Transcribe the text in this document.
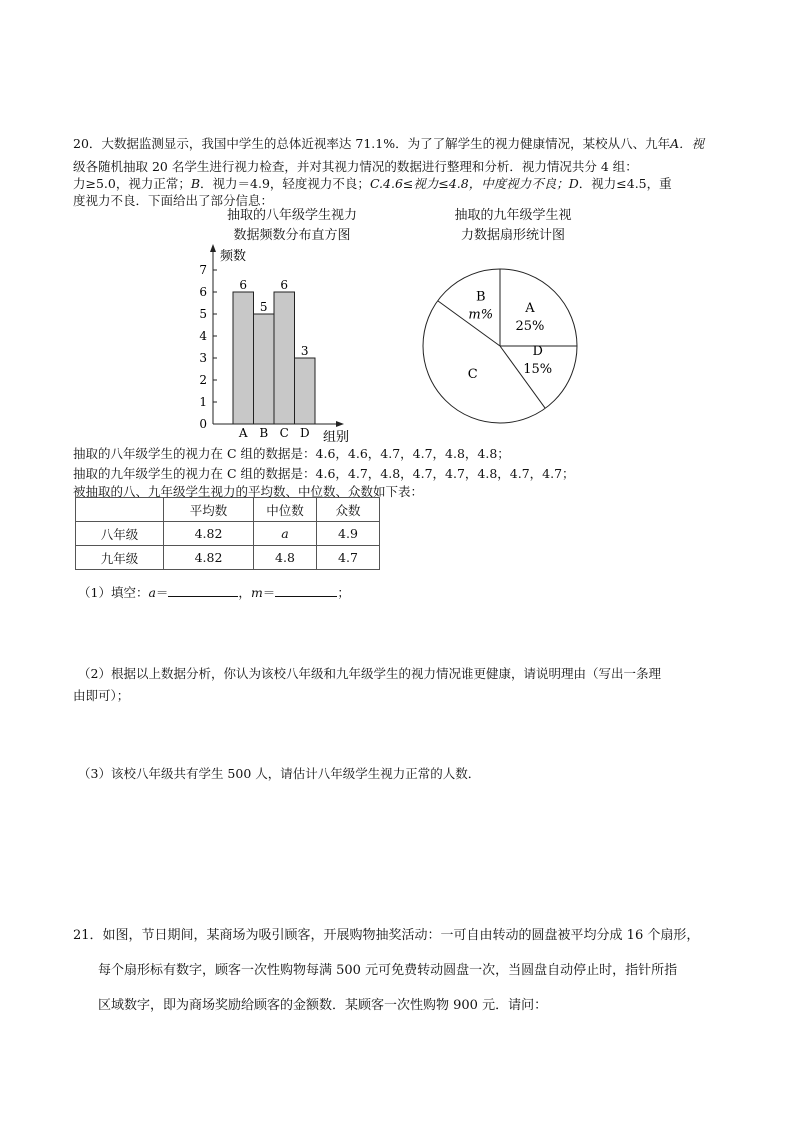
20．大数据监测显示，我国中学生的总体近视率达 71.1%．为了了解学生的视力健康情况，某校从八、九年A．视
级各随机抽取 20 名学生进行视力检查，并对其视力情况的数据进行整理和分析．视力情况共分 4 组：
力≥5.0，视力正常；B．视力＝4.9，轻度视力不良；C.4.6≤视力≤4.8，中度视力不良；D．视力≤4.5，重
度视力不良．下面给出了部分信息：
抽取的八年级学生视力
数据频数分布直方图
抽取的九年级学生视
力数据扇形统计图
0
1
2
3
4
5
6
7
频数
6
A
5
B
6
C
3
D 组别
A
25%
D
15%
C
B
m%
抽取的八年级学生的视力在 C 组的数据是：4.6，4.6，4.7，4.7，4.8，4.8；
抽取的九年级学生的视力在 C 组的数据是：4.6，4.7，4.8，4.7，4.7，4.8，4.7，4.7；
被抽取的八、九年级学生视力的平均数、中位数、众数如下表：
	平均数	中位数	众数
八年级	4.82	a	4.9
九年级	4.82	4.8	4.7
（1）填空：a＝	，m＝	；
（2）根据以上数据分析，你认为该校八年级和九年级学生的视力情况谁更健康，请说明理由（写出一条理
由即可）；
（3）该校八年级共有学生 500 人，请估计八年级学生视力正常的人数．
21．如图，节日期间，某商场为吸引顾客，开展购物抽奖活动：一可自由转动的圆盘被平均分成 16 个扇形，
每个扇形标有数字，顾客一次性购物每满 500 元可免费转动圆盘一次，当圆盘自动停止时，指针所指
区域数字，即为商场奖励给顾客的金额数．某顾客一次性购物 900 元．请问：
